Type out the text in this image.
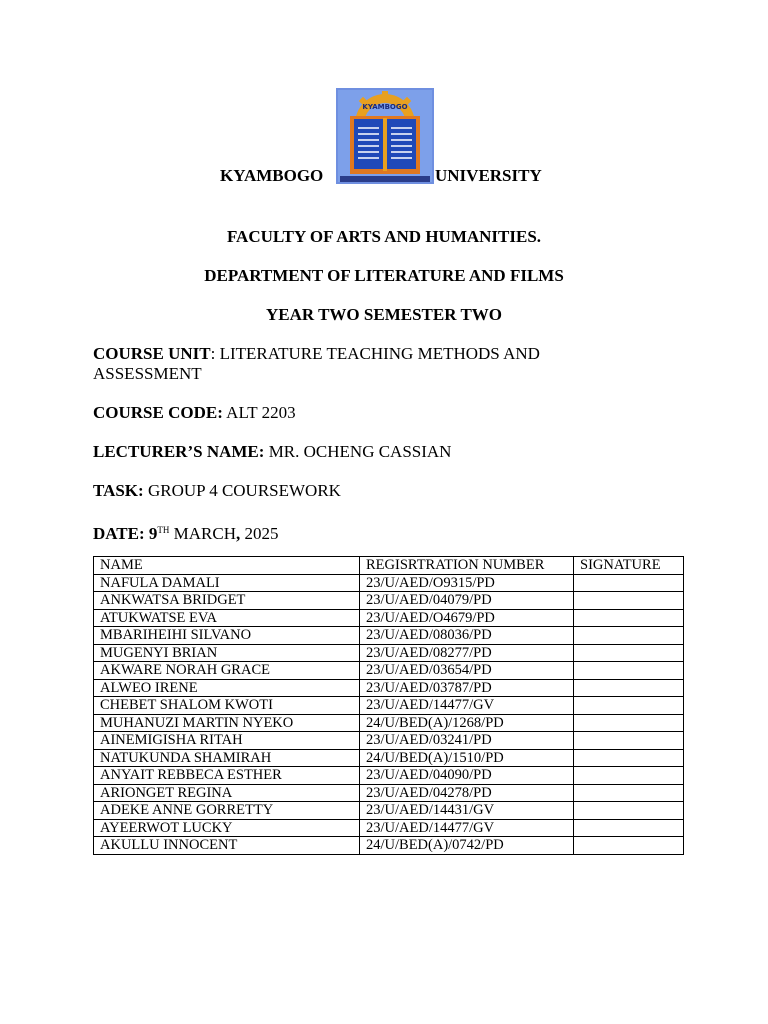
KYAMBOGO
KYAMBOGO
UNIVERSITY
FACULTY OF ARTS AND HUMANITIES.
DEPARTMENT OF LITERATURE AND FILMS
YEAR TWO SEMESTER TWO
COURSE UNIT: LITERATURE TEACHING METHODS AND ASSESSMENT
COURSE CODE: ALT 2203
LECTURER’S NAME: MR. OCHENG CASSIAN
TASK: GROUP 4 COURSEWORK
DATE: 9TH MARCH, 2025
NAME	REGISRTRATION NUMBER	SIGNATURE
NAFULA DAMALI	23/U/AED/O9315/PD	
ANKWATSA BRIDGET	23/U/AED/04079/PD	
ATUKWATSE EVA	23/U/AED/O4679/PD	
MBARIHEIHI SILVANO	23/U/AED/08036/PD	
MUGENYI BRIAN	23/U/AED/08277/PD	
AKWARE NORAH GRACE	23/U/AED/03654/PD	
ALWEO IRENE	23/U/AED/03787/PD	
CHEBET SHALOM KWOTI	23/U/AED/14477/GV	
MUHANUZI MARTIN NYEKO	24/U/BED(A)/1268/PD	
AINEMIGISHA RITAH	23/U/AED/03241/PD	
NATUKUNDA SHAMIRAH	24/U/BED(A)/1510/PD	
ANYAIT REBBECA ESTHER	23/U/AED/04090/PD	
ARIONGET REGINA	23/U/AED/04278/PD	
ADEKE ANNE GORRETTY	23/U/AED/14431/GV	
AYEERWOT LUCKY	23/U/AED/14477/GV	
AKULLU INNOCENT	24/U/BED(A)/0742/PD	
